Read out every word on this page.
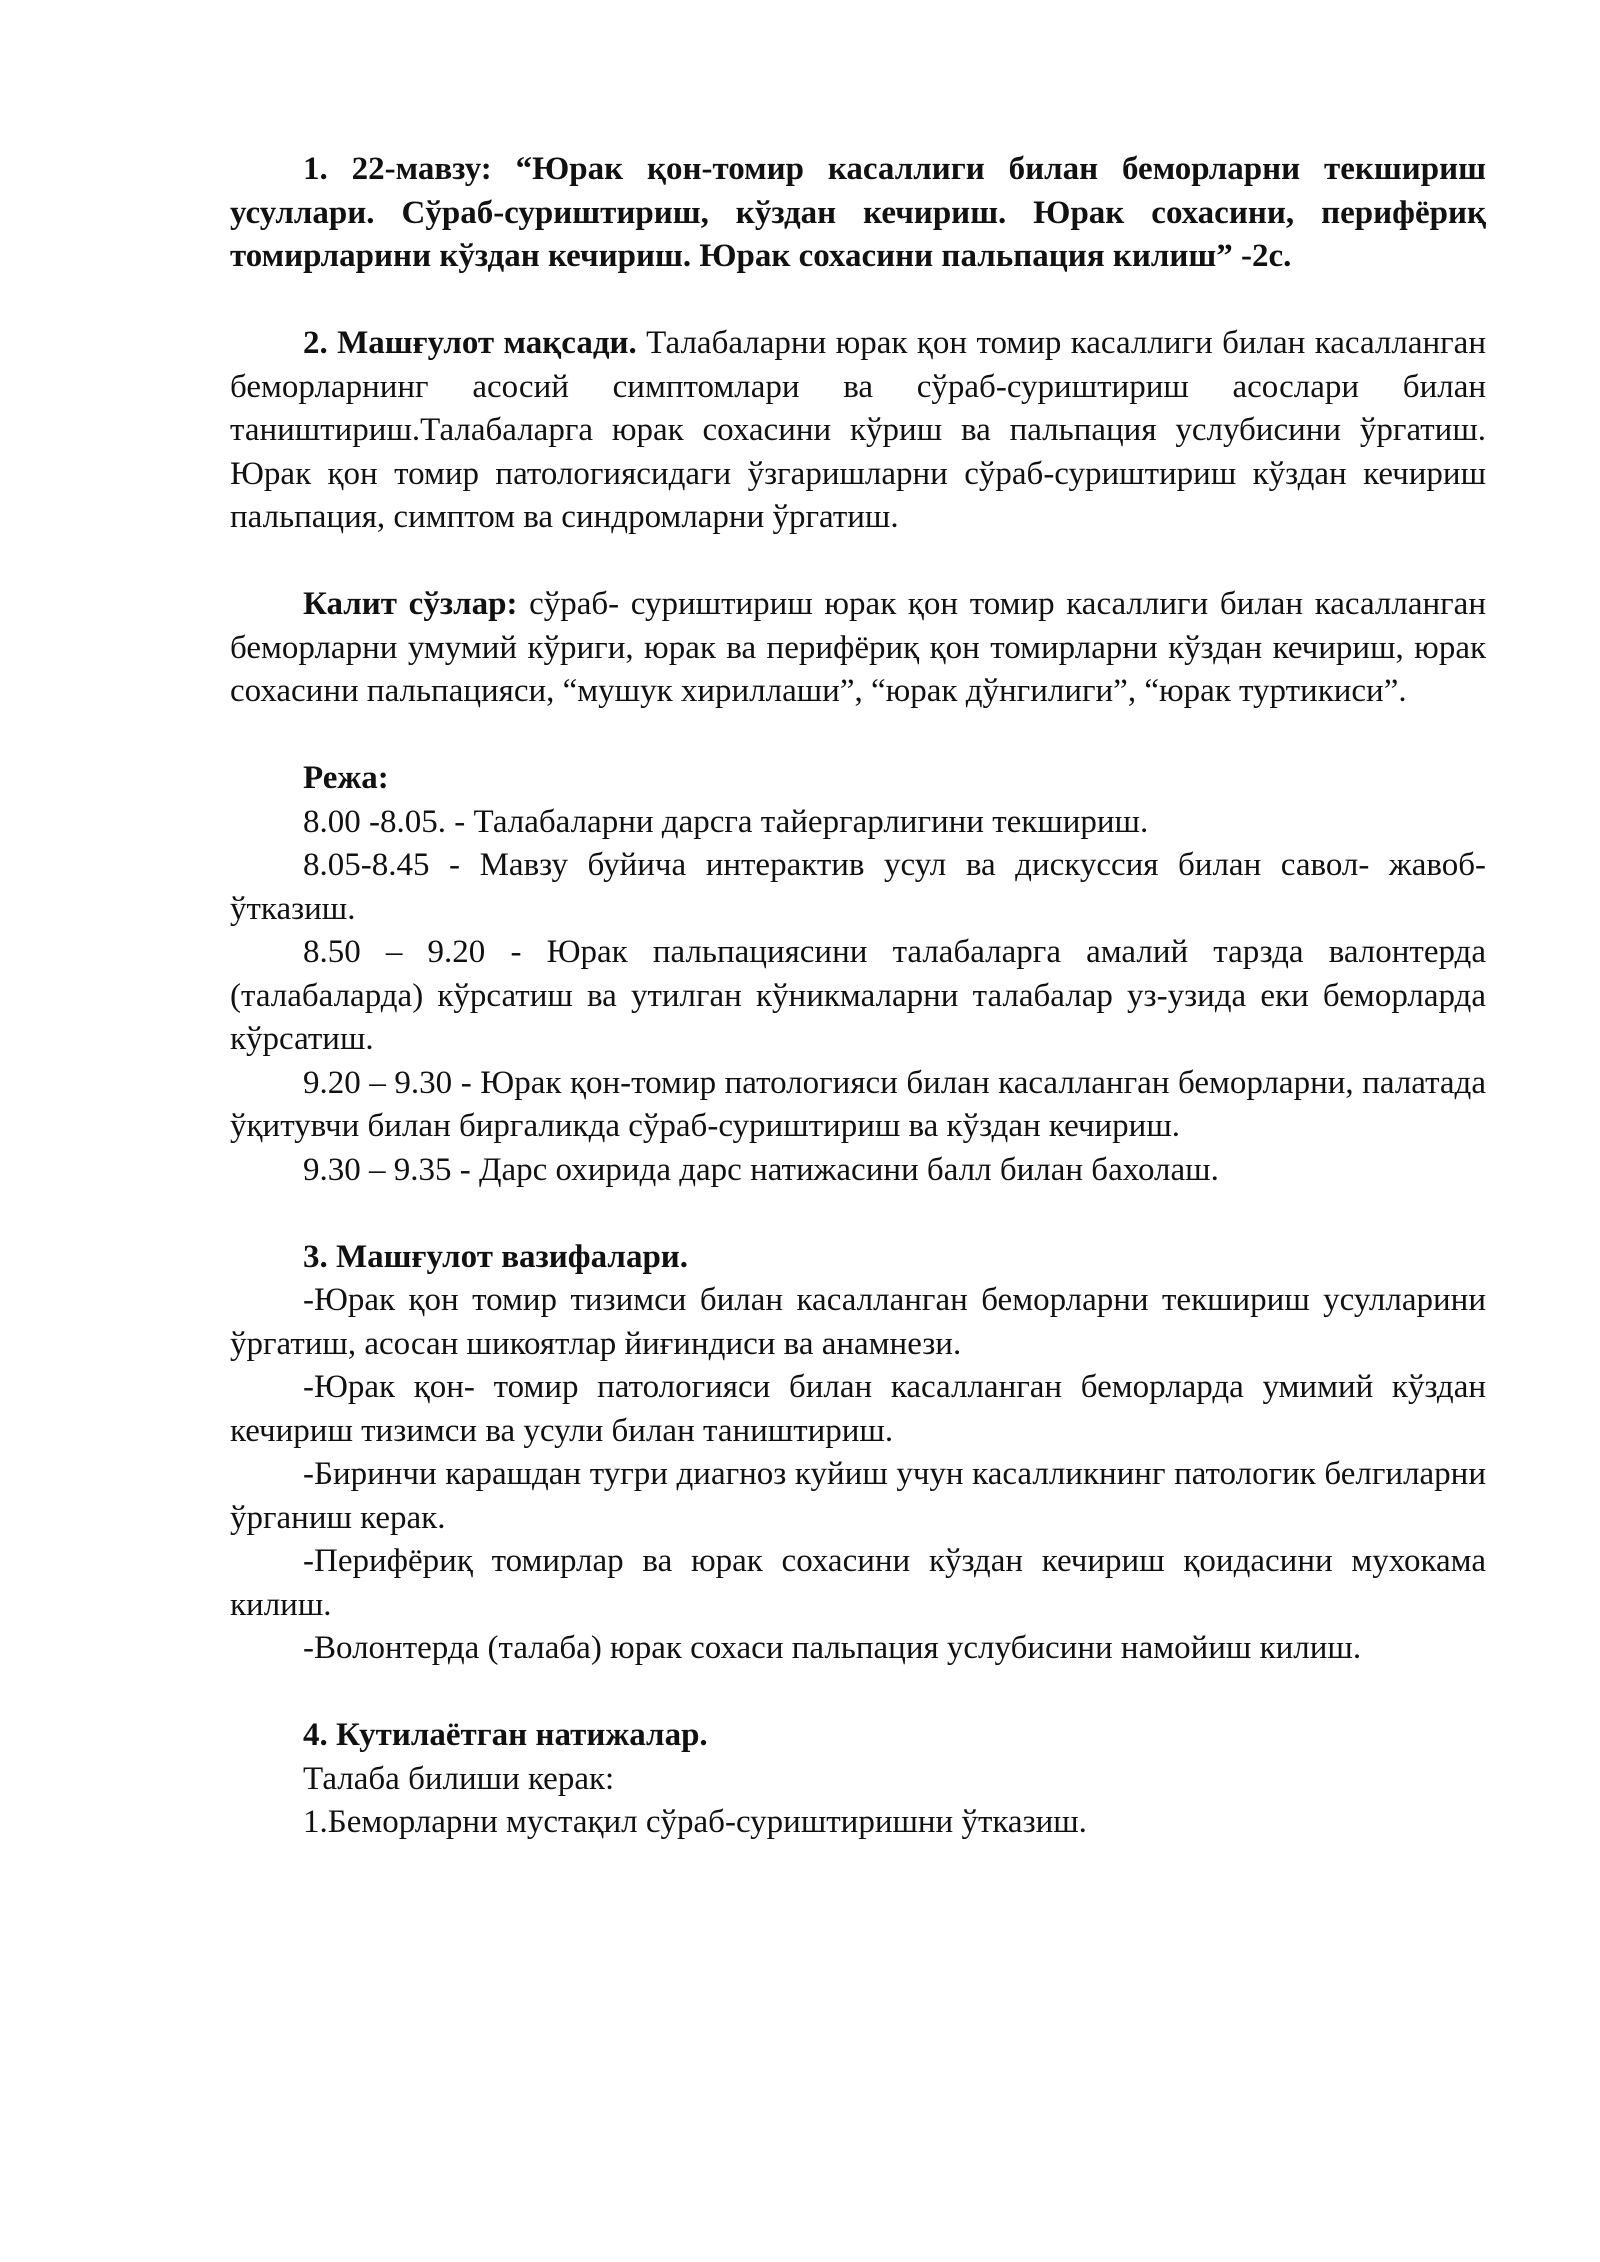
1. 22-мавзу: “Юрак қон-томир касаллиги билан беморларни текшириш усуллари. Сўраб-суриштириш, кўздан кечириш. Юрак сохасини, перифёриқ томирларини кўздан кечириш. Юрак сохасини пальпация килиш” -2с.

2. Машғулот мақсади. Талабаларни юрак қон томир касаллиги билан касалланган беморларнинг асосий симптомлари ва сўраб-суриштириш асослари билан таништириш.Талабаларга юрак сохасини кўриш ва пальпация услубисини ўргатиш. Юрак қон томир патологиясидаги ўзгаришларни сўраб-суриштириш кўздан кечириш пальпация, симптом ва синдромларни ўргатиш.

Калит сўзлар: сўраб- суриштириш юрак қон томир касаллиги билан касалланган беморларни умумий кўриги, юрак ва перифёриқ қон томирларни кўздан кечириш, юрак сохасини пальпацияси, “мушук хириллаши”, “юрак дўнгилиги”, “юрак туртикиси”.

Режа:

8.00 -8.05. - Талабаларни дарсга тайергарлигини текшириш.

8.05-8.45 - Мавзу буйича интерактив усул ва дискуссия билан савол- жавоб- ўтказиш.

8.50 – 9.20 - Юрак пальпациясини талабаларга амалий тарзда валонтерда (талабаларда) кўрсатиш ва утилган кўникмаларни талабалар уз-узида еки беморларда кўрсатиш.

9.20 – 9.30 - Юрак қон-томир патологияси билан касалланган беморларни, палатада ўқитувчи билан биргаликда сўраб-суриштириш ва кўздан кечириш.

9.30 – 9.35 - Дарс охирида дарс натижасини балл билан бахолаш.

3. Машғулот вазифалари.

-Юрак қон томир тизимси билан касалланган беморларни текшириш усулларини ўргатиш, асосан шикоятлар йиғиндиси ва анамнези.

-Юрак қон- томир патологияси билан касалланган беморларда умимий кўздан кечириш тизимси ва усули билан таништириш.

-Биринчи карашдан тугри диагноз куйиш учун касалликнинг патологик белгиларни ўрганиш керак.

-Перифёриқ томирлар ва юрак сохасини кўздан кечириш қоидасини мухокама килиш.

-Волонтерда (талаба) юрак сохаси пальпация услубисини намойиш килиш.

4. Кутилаётган натижалар.

Талаба билиши керак:

1.Беморларни мустақил сўраб-суриштиришни ўтказиш.
